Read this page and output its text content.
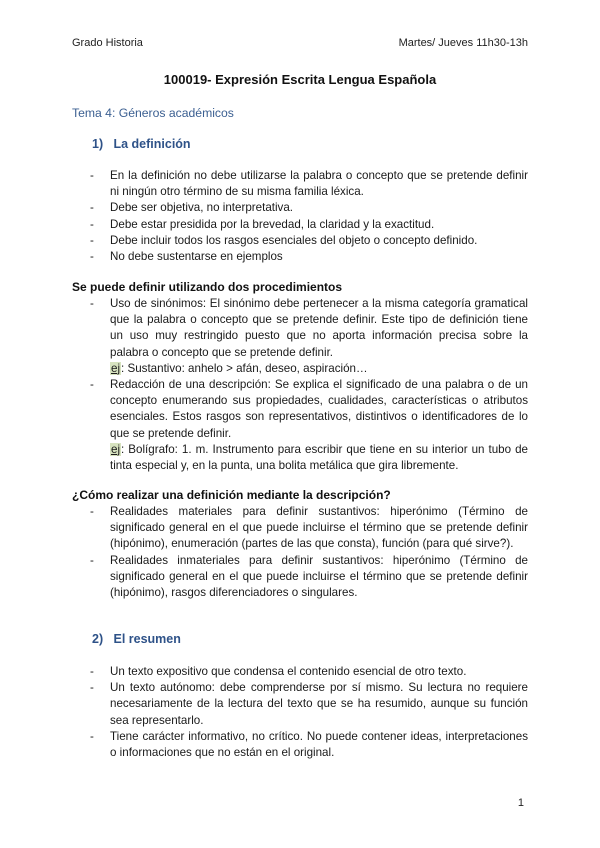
Grado Historia	Martes/ Jueves 11h30-13h
100019- Expresión Escrita Lengua Española
Tema 4: Géneros académicos
1) La definición
- En la definición no debe utilizarse la palabra o concepto que se pretende definir ni ningún otro término de su misma familia léxica.
- Debe ser objetiva, no interpretativa.
- Debe estar presidida por la brevedad, la claridad y la exactitud.
- Debe incluir todos los rasgos esenciales del objeto o concepto definido.
- No debe sustentarse en ejemplos
Se puede definir utilizando dos procedimientos
- Uso de sinónimos: El sinónimo debe pertenecer a la misma categoría gramatical que la palabra o concepto que se pretende definir. Este tipo de definición tiene un uso muy restringido puesto que no aporta información precisa sobre la palabra o concepto que se pretende definir.
ej: Sustantivo: anhelo > afán, deseo, aspiración…
- Redacción de una descripción: Se explica el significado de una palabra o de un concepto enumerando sus propiedades, cualidades, características o atributos esenciales. Estos rasgos son representativos, distintivos o identificadores de lo que se pretende definir.
ej: Bolígrafo: 1. m. Instrumento para escribir que tiene en su interior un tubo de tinta especial y, en la punta, una bolita metálica que gira libremente.
¿Cómo realizar una definición mediante la descripción?
- Realidades materiales para definir sustantivos: hiperónimo (Término de significado general en el que puede incluirse el término que se pretende definir (hipónimo), enumeración (partes de las que consta), función (para qué sirve?).
- Realidades inmateriales para definir sustantivos: hiperónimo (Término de significado general en el que puede incluirse el término que se pretende definir (hipónimo), rasgos diferenciadores o singulares.
2) El resumen
- Un texto expositivo que condensa el contenido esencial de otro texto.
- Un texto autónomo: debe comprenderse por sí mismo. Su lectura no requiere necesariamente de la lectura del texto que se ha resumido, aunque su función sea representarlo.
- Tiene carácter informativo, no crítico. No puede contener ideas, interpretaciones o informaciones que no están en el original.
1
